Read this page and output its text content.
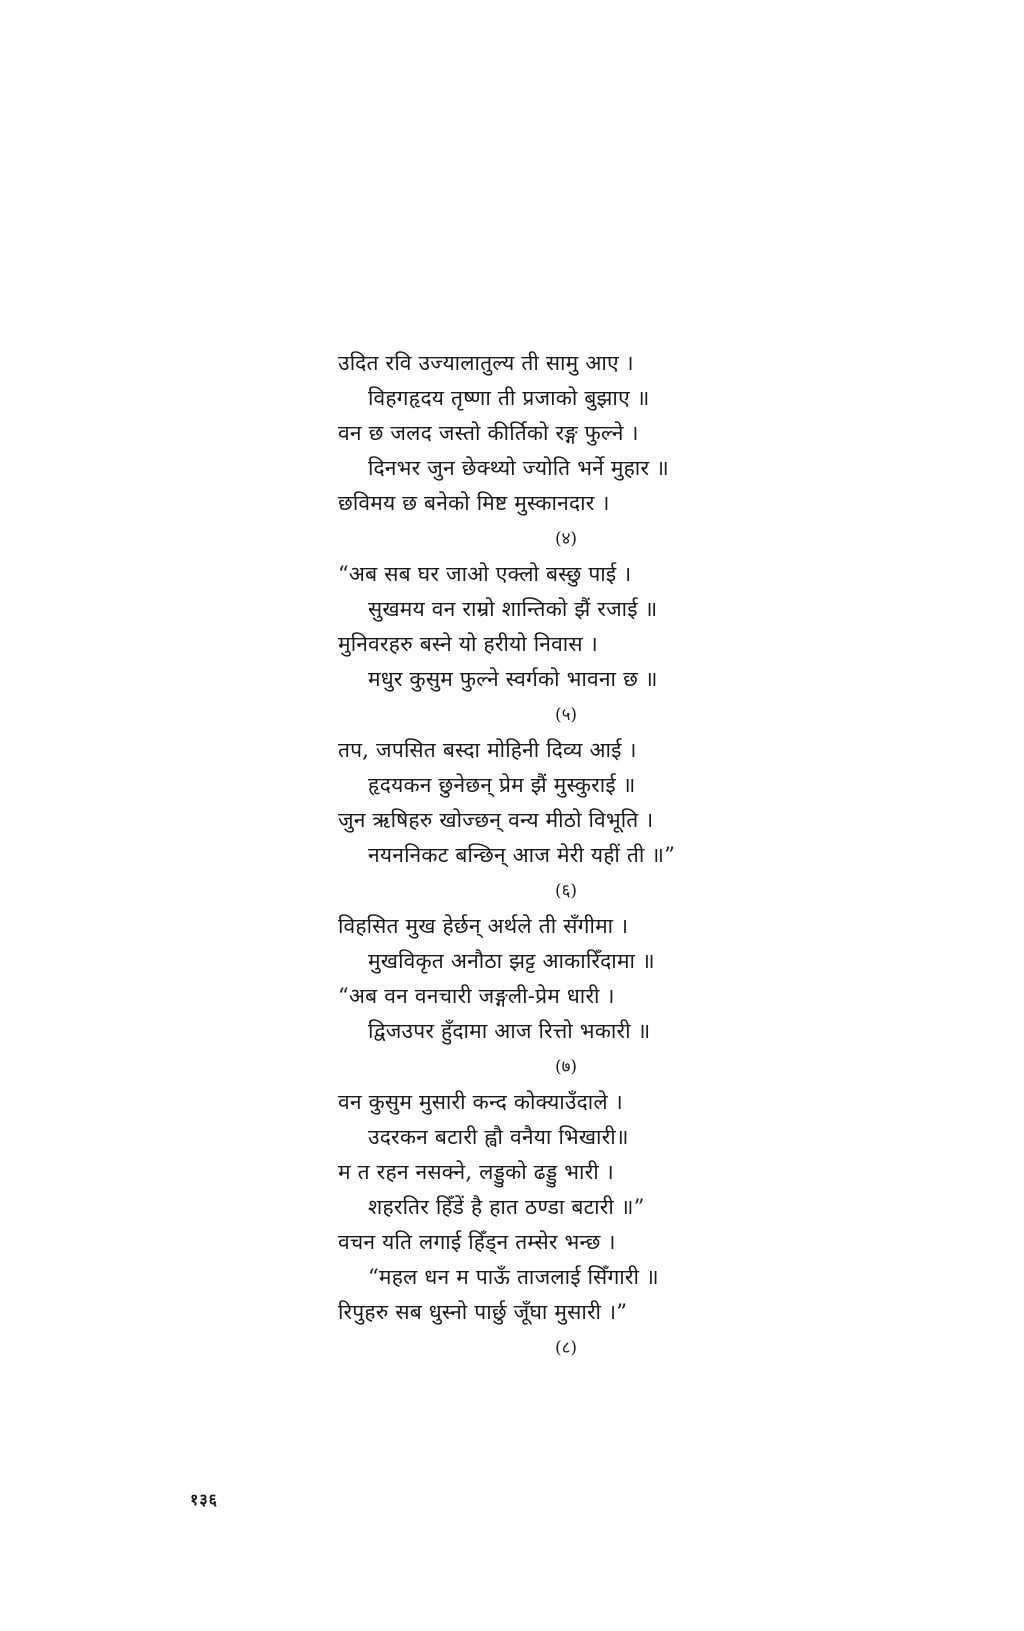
उदित रवि उज्यालातुल्य ती सामु आए ।
विहगहृदय तृष्णा ती प्रजाको बुझाए ॥
वन छ जलद जस्तो कीर्तिको रङ्ग फुल्ने ।
दिनभर जुन छेक्थ्यो ज्योति भर्ने मुहार ॥
छविमय छ बनेको मिष्ट मुस्कानदार ।
(४)
“अब सब घर जाओ एक्लो बस्छु पाई ।
सुखमय वन राम्रो शान्तिको झैं रजाई ॥
मुनिवरहरु बस्ने यो हरीयो निवास ।
मधुर कुसुम फुल्ने स्वर्गको भावना छ ॥
(५)
तप, जपसित बस्दा मोहिनी दिव्य आई ।
हृदयकन छुनेछन् प्रेम झैं मुस्कुराई ॥
जुन ऋषिहरु खोज्छन् वन्य मीठो विभूति ।
नयननिकट बन्छिन् आज मेरी यहीं ती ॥”
(६)
विहसित मुख हेर्छन् अर्थले ती सँगीमा ।
मुखविकृत अनौठा झट्ट आकारिँदामा ॥
“अब वन वनचारी जङ्गली-प्रेम धारी ।
द्विजउपर हुँदामा आज रित्तो भकारी ॥
(७)
वन कुसुम मुसारी कन्द कोक्याउँदाले ।
उदरकन बटारी ह्वौ वनैया भिखारी॥
म त रहन नसक्ने, लड्डुको ढड्डु भारी ।
शहरतिर हिँडें है हात ठण्डा बटारी ॥”
वचन यति लगाई हिँड्न तम्सेर भन्छ ।
“महल धन म पाऊँ ताजलाई सिँगारी ॥
रिपुहरु सब धुस्नो पार्छु जूँघा मुसारी ।”
(८)
१३६
